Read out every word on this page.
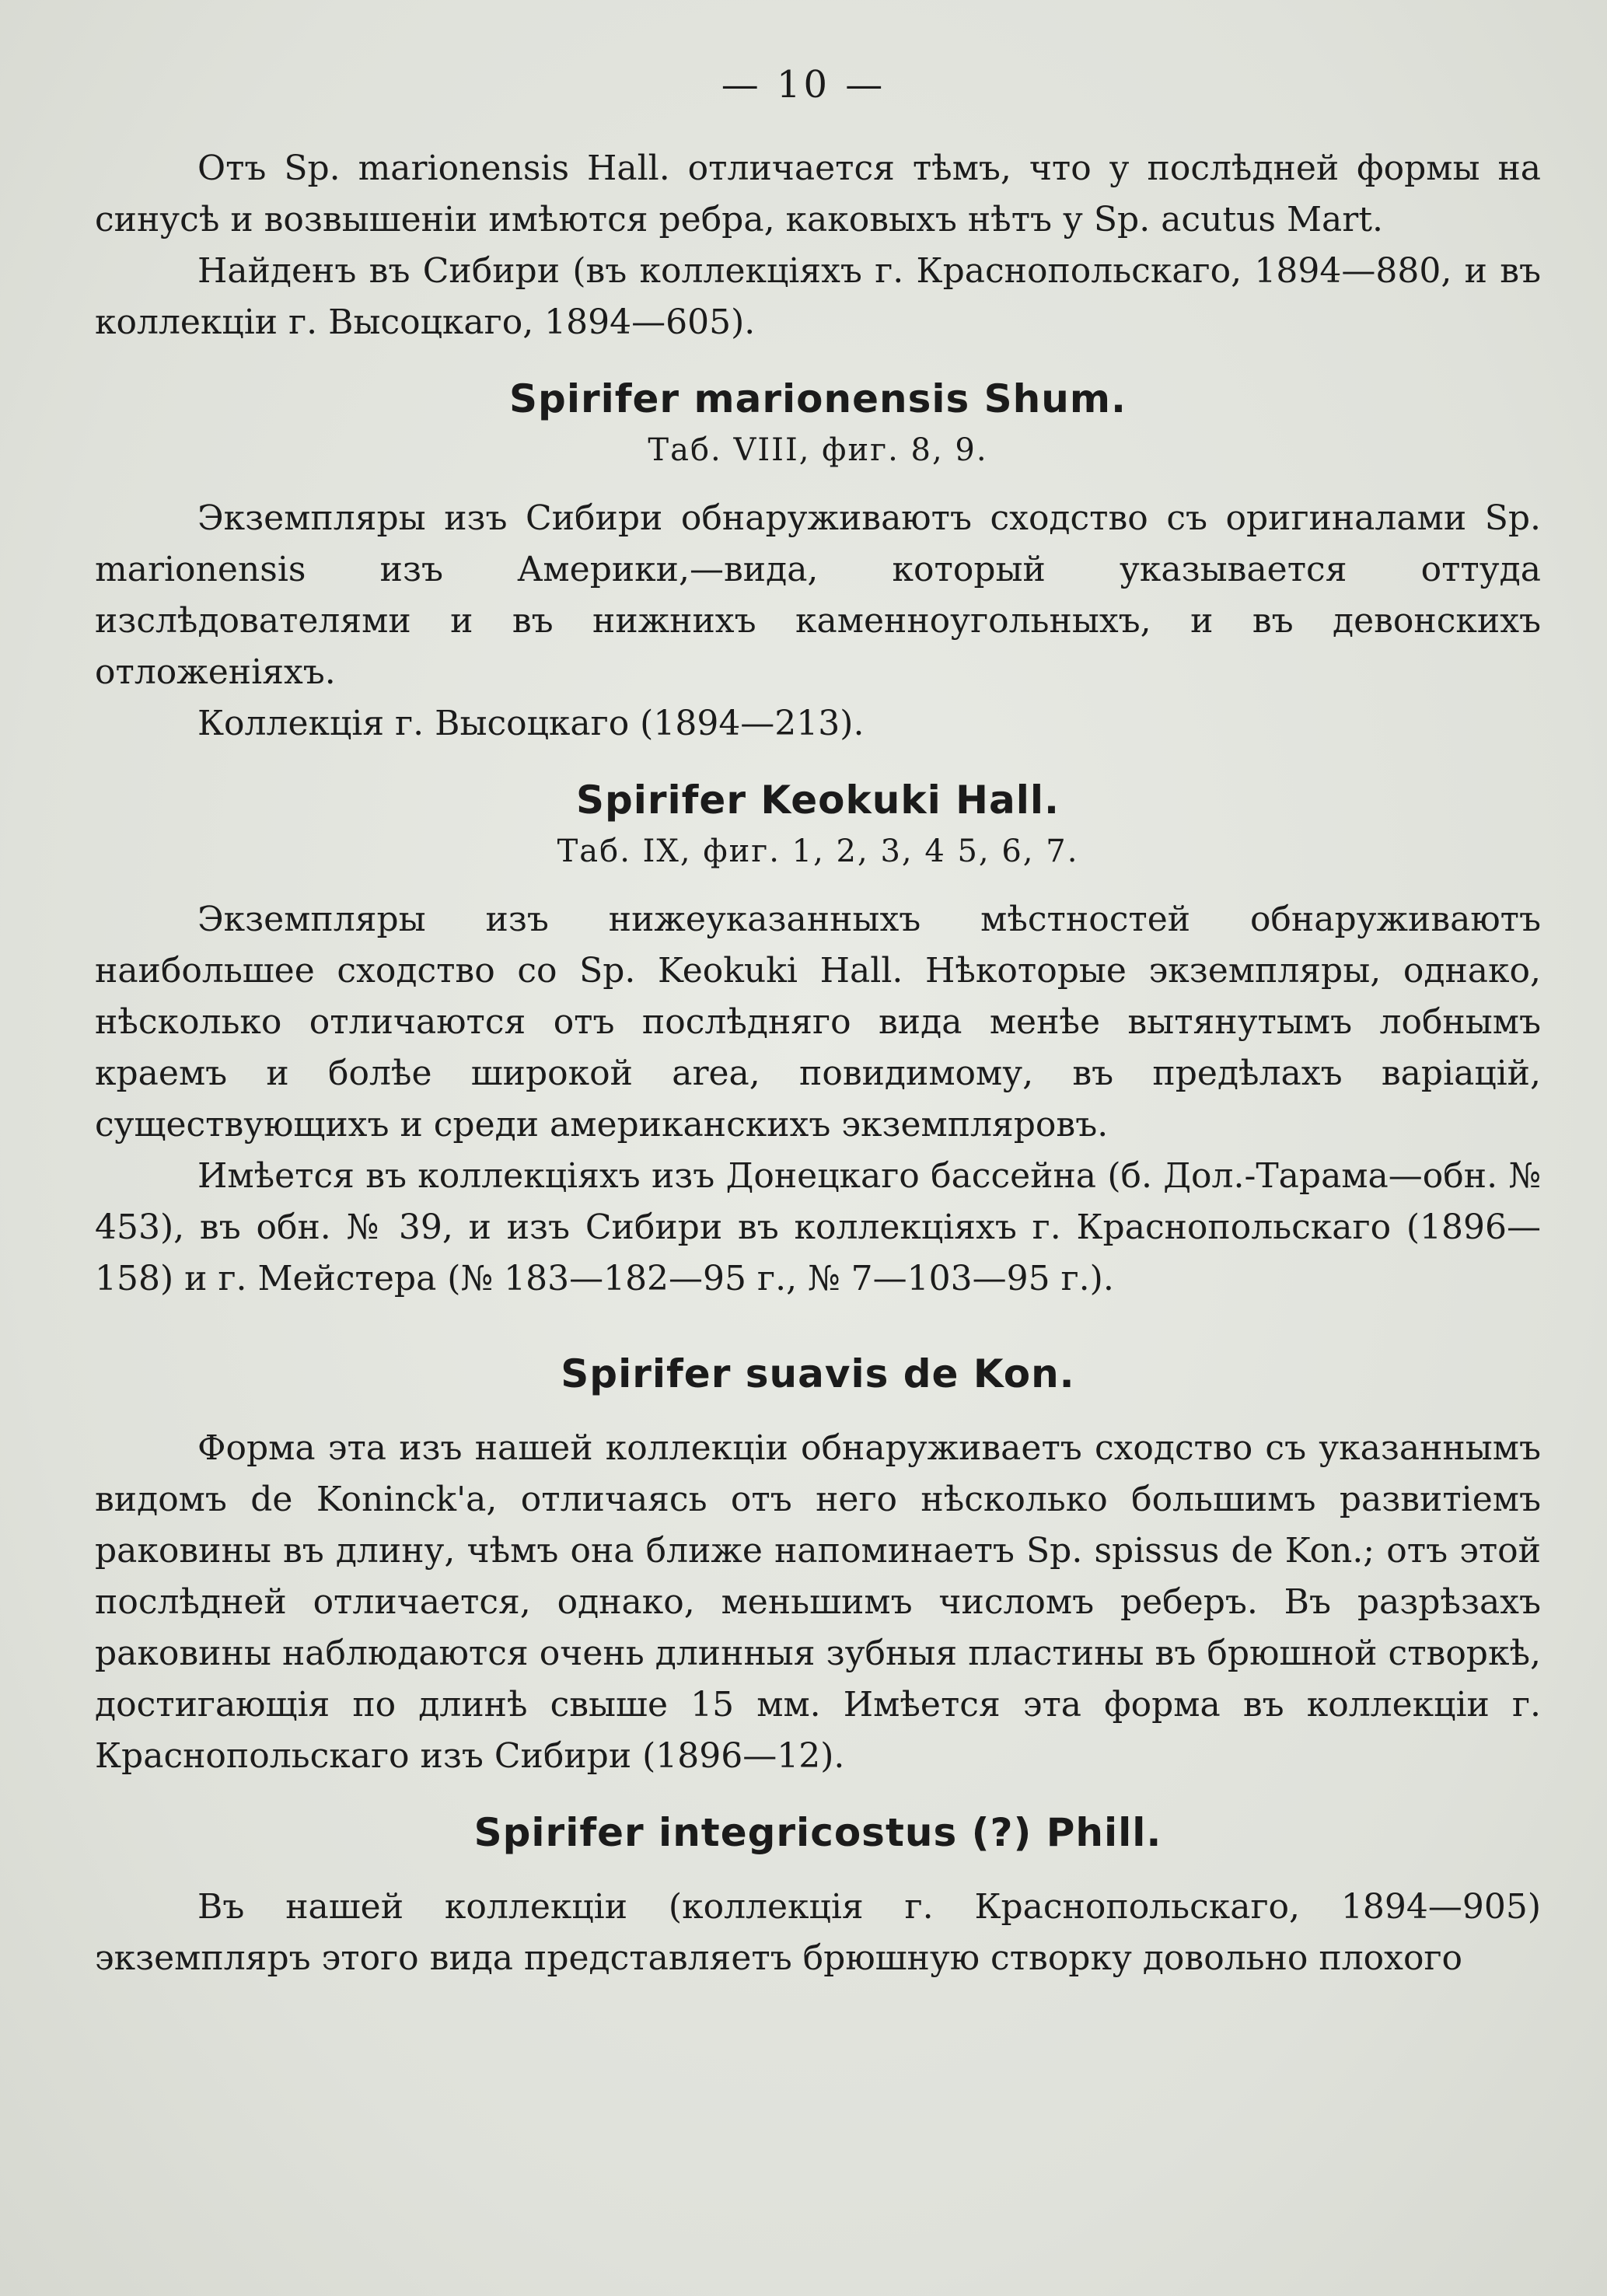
— 10 —

Отъ Sp. marionensis Hall. отличается тѣмъ, что у послѣдней формы на синусѣ и возвышеніи имѣются ребра, каковыхъ нѣтъ у Sp. acutus Mart.

Найденъ въ Сибири (въ коллекціяхъ г. Краснопольскаго, 1894—880, и въ коллекціи г. Высоцкаго, 1894—605).

Spirifer marionensis Shum.
Таб. VIII, фиг. 8, 9.

Экземпляры изъ Сибири обнаруживаютъ сходство съ оригиналами Sp. marionensis изъ Америки,—вида, который указывается оттуда изслѣдователями и въ нижнихъ каменноугольныхъ, и въ девонскихъ отложеніяхъ.

Коллекція г. Высоцкаго (1894—213).

Spirifer Keokuki Hall.
Таб. IX, фиг. 1, 2, 3, 4 5, 6, 7.

Экземпляры изъ нижеуказанныхъ мѣстностей обнаруживаютъ наибольшее сходство со Sp. Keokuki Hall. Нѣкоторые экземпляры, однако, нѣсколько отличаются отъ послѣдняго вида менѣе вытянутымъ лобнымъ краемъ и болѣе широкой area, повидимому, въ предѣлахъ варіацій, существующихъ и среди американскихъ экземпляровъ.

Имѣется въ коллекціяхъ изъ Донецкаго бассейна (б. Дол.-Тарама—обн. № 453), въ обн. № 39, и изъ Сибири въ коллекціяхъ г. Краснопольскаго (1896—158) и г. Мейстера (№ 183—182—95 г., № 7—103—95 г.).

Spirifer suavis de Kon.

Форма эта изъ нашей коллекціи обнаруживаетъ сходство съ указаннымъ видомъ de Koninck'a, отличаясь отъ него нѣсколько большимъ развитіемъ раковины въ длину, чѣмъ она ближе напоминаетъ Sp. spissus de Kon.; отъ этой послѣдней отличается, однако, меньшимъ числомъ реберъ. Въ разрѣзахъ раковины наблюдаются очень длинныя зубныя пластины въ брюшной створкѣ, достигающія по длинѣ свыше 15 мм. Имѣется эта форма въ коллекціи г. Краснопольскаго изъ Сибири (1896—12).

Spirifer integricostus (?) Phill.

Въ нашей коллекціи (коллекція г. Краснопольскаго, 1894—905) экземпляръ этого вида представляетъ брюшную створку довольно плохого
